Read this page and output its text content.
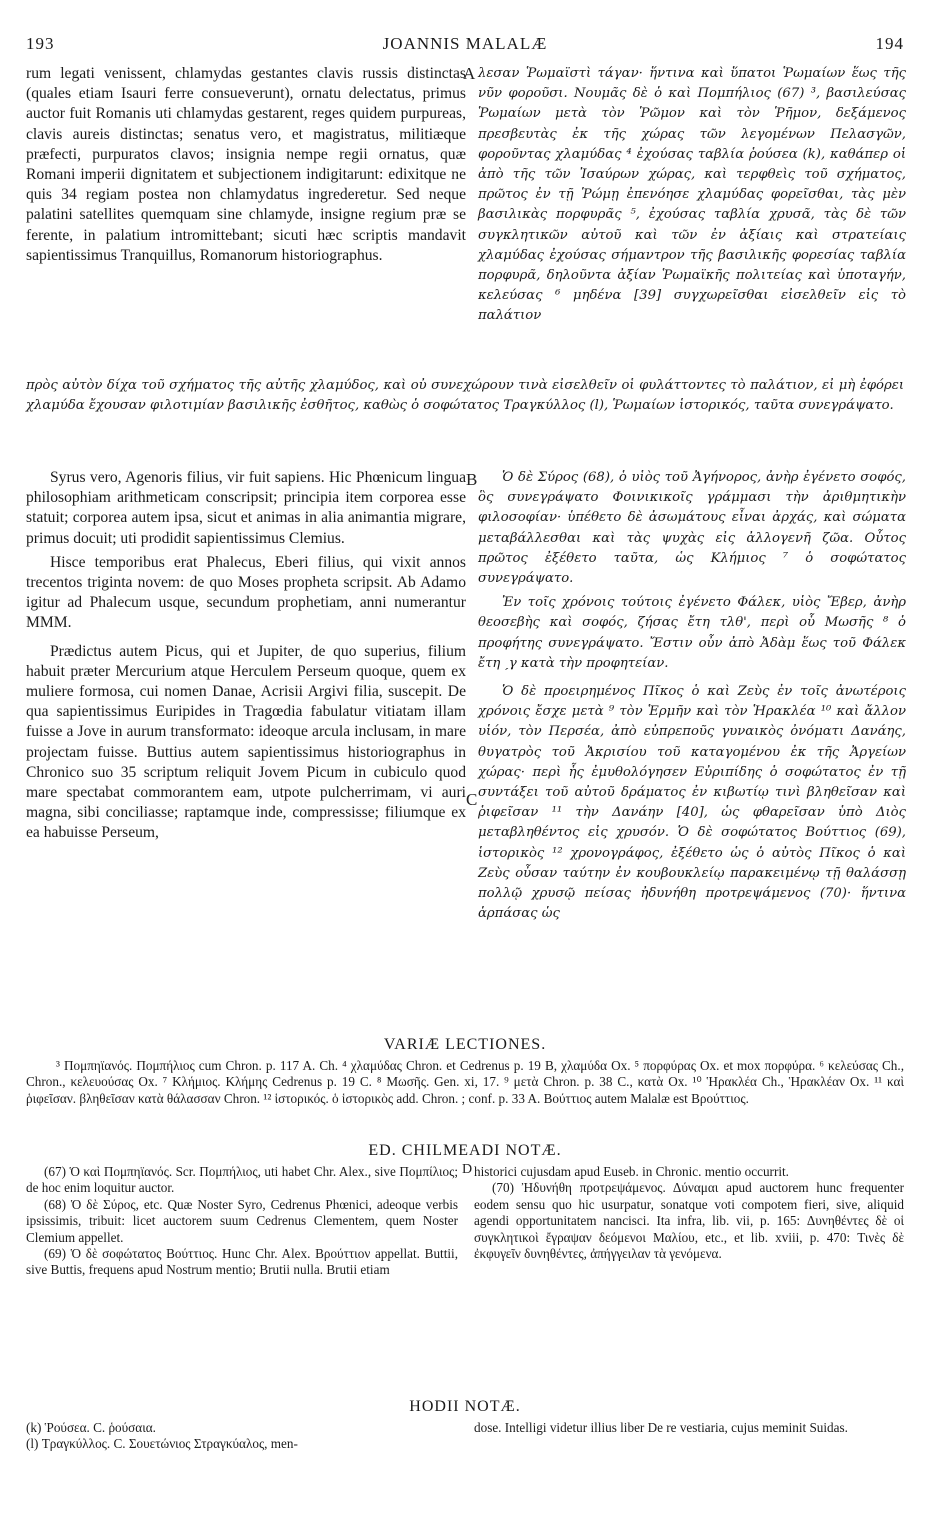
193	JOANNIS MALALÆ	194

rum legati venissent, chlamydas gestantes clavis russis distinctas (quales etiam Isauri ferre consueverunt), ornatu delectatus, primus auctor fuit Romanis uti chlamydas gestarent, reges quidem purpureas, clavis aureis distinctas; senatus vero, et magistratus, militiæque præfecti, purpuratos clavos; insignia nempe regii ornatus, quæ Romani imperii dignitatem et subjectionem indigitarunt: edixitque ne quis 34 regiam postea non chlamydatus ingrederetur. Sed neque palatini satellites quemquam sine chlamyde, insigne regium præ se ferente, in palatium intromittebant; sicuti hæc scriptis mandavit sapientissimus Tranquillus, Romanorum historiographus.

A λεσαν Ῥωμαϊστὶ τάγαν· ἥντινα καὶ ὕπατοι Ῥωμαίων ἕως τῆς νῦν φοροῦσι. Νουμᾶς δὲ ὁ καὶ Πομπήλιος (67) ³, βασιλεύσας Ῥωμαίων μετὰ τὸν Ῥῶμον καὶ τὸν Ῥῆμον, δεξάμενος πρεσβευτὰς ἐκ τῆς χώρας τῶν λεγομένων Πελασγῶν, φοροῦντας χλαμύδας ⁴ ἐχούσας ταβλία ῥούσεα (k), καθάπερ οἱ ἀπὸ τῆς τῶν Ἰσαύρων χώρας, καὶ τερφθεὶς τοῦ σχήματος, πρῶτος ἐν τῇ Ῥώμῃ ἐπενόησε χλαμύδας φορεῖσθαι, τὰς μὲν βασιλικὰς πορφυρᾶς ⁵, ἐχούσας ταβλία χρυσᾶ, τὰς δὲ τῶν συγκλητικῶν αὐτοῦ καὶ τῶν ἐν ἀξίαις καὶ στρατείαις χλαμύδας ἐχούσας σήμαντρον τῆς βασιλικῆς φορεσίας ταβλία πορφυρᾶ, δηλοῦντα ἀξίαν Ῥωμαϊκῆς πολιτείας καὶ ὑποταγήν, κελεύσας ⁶ μηδένα [39] συγχωρεῖσθαι εἰσελθεῖν εἰς τὸ παλάτιον

πρὸς αὐτὸν δίχα τοῦ σχήματος τῆς αὐτῆς χλαμύδος, καὶ οὐ συνεχώρουν τινὰ εἰσελθεῖν οἱ φυλάττοντες τὸ παλάτιον, εἰ μὴ ἐφόρει χλαμύδα ἔχουσαν φιλοτιμίαν βασιλικῆς ἐσθῆτος, καθὼς ὁ σοφώτατος Τραγκύλλος (l), Ῥωμαίων ἱστορικός, ταῦτα συνεγράψατο.

Syrus vero, Agenoris filius, vir fuit sapiens. Hic Phœnicum lingua philosophiam arithmeticam conscripsit; principia item corporea esse statuit; corporea autem ipsa, sicut et animas in alia animantia migrare, primus docuit; uti prodidit sapientissimus Clemius.

Hisce temporibus erat Phalecus, Eberi filius, qui vixit annos trecentos triginta novem: de quo Moses propheta scripsit. Ab Adamo igitur ad Phalecum usque, secundum prophetiam, anni numerantur MMM.

Prædictus autem Picus, qui et Jupiter, de quo superius, filium habuit præter Mercurium atque Herculem Perseum quoque, quem ex muliere formosa, cui nomen Danae, Acrisii Argivi filia, suscepit. De qua sapientissimus Euripides in Tragœdia fabulatur vitiatam illam fuisse a Jove in aurum transformato: ideoque arcula inclusam, in mare projectam fuisse. Buttius autem sapientissimus historiographus in Chronico suo 35 scriptum reliquit Jovem Picum in cubiculo quod mare spectabat commorantem eam, utpote pulcherrimam, vi auri magna, sibi conciliasse; raptamque inde, compressisse; filiumque ex ea habuisse Perseum,

B
C

Ὁ δὲ Σύρος (68), ὁ υἱὸς τοῦ Ἀγήνορος, ἀνὴρ ἐγένετο σοφός, ὃς συνεγράψατο Φοινικικοῖς γράμμασι τὴν ἀριθμητικὴν φιλοσοφίαν· ὑπέθετο δὲ ἀσωμάτους εἶναι ἀρχάς, καὶ σώματα μεταβάλλεσθαι καὶ τὰς ψυχὰς εἰς ἀλλογενῆ ζῶα. Οὗτος πρῶτος ἐξέθετο ταῦτα, ὡς Κλήμιος ⁷ ὁ σοφώτατος συνεγράψατο.

Ἐν τοῖς χρόνοις τούτοις ἐγένετο Φάλεκ, υἱὸς Ἔβερ, ἀνὴρ θεοσεβὴς καὶ σοφός, ζήσας ἔτη τλθ', περὶ οὗ Μωσῆς ⁸ ὁ προφήτης συνεγράψατο. Ἔστιν οὖν ἀπὸ Ἀδὰμ ἕως τοῦ Φάλεκ ἔτη ˏγ κατὰ τὴν προφητείαν.

Ὁ δὲ προειρημένος Πῖκος ὁ καὶ Ζεὺς ἐν τοῖς ἀνωτέροις χρόνοις ἔσχε μετὰ ⁹ τὸν Ἑρμῆν καὶ τὸν Ἡρακλέα ¹⁰ καὶ ἄλλον υἱόν, τὸν Περσέα, ἀπὸ εὐπρεποῦς γυναικὸς ὀνόματι Δανάης, θυγατρὸς τοῦ Ἀκρισίου τοῦ καταγομένου ἐκ τῆς Ἀργείων χώρας· περὶ ἧς ἐμυθολόγησεν Εὐριπίδης ὁ σοφώτατος ἐν τῇ συντάξει τοῦ αὐτοῦ δράματος ἐν κιβωτίῳ τινὶ βληθεῖσαν καὶ ῥιφεῖσαν ¹¹ τὴν Δανάην [40], ὡς φθαρεῖσαν ὑπὸ Διὸς μεταβληθέντος εἰς χρυσόν. Ὁ δὲ σοφώτατος Βούττιος (69), ἱστορικὸς ¹² χρονογράφος, ἐξέθετο ὡς ὁ αὐτὸς Πῖκος ὁ καὶ Ζεὺς οὖσαν ταύτην ἐν κουβουκλείῳ παρακειμένῳ τῇ θαλάσσῃ πολλῷ χρυσῷ πείσας ἠδυνήθη προτρεψάμενος (70)· ἥντινα ἁρπάσας ὡς

VARIÆ LECTIONES.

³ Πομπηϊανός. Πομπήλιος cum Chron. p. 117 A. Ch. ⁴ χλαμύδας Chron. et Cedrenus p. 19 B, χλαμύδα Ox. ⁵ πορφύρας Ox. et mox πορφύρα. ⁶ κελεύσας Ch., Chron., κελευούσας Ox. ⁷ Κλήμιος. Κλήμης Cedrenus p. 19 C. ⁸ Μωσῆς. Gen. xi, 17. ⁹ μετὰ Chron. p. 38 C., κατὰ Ox. ¹⁰ Ἡρακλέα Ch., Ἡρακλέαν Ox. ¹¹ καὶ ῥιφεῖσαν. βληθεῖσαν κατὰ θάλασσαν Chron. ¹² ἱστορικός. ὁ ἱστορικὸς add. Chron. ; conf. p. 33 A. Βούττιος autem Malalæ est Βρούττιος.

ED. CHILMEADI NOTÆ.

(67) Ὁ καὶ Πομπηϊανός. Scr. Πομπήλιος, uti habet Chr. Alex., sive Πομπίλιος; de hoc enim loquitur auctor.

(68) Ὁ δὲ Σύρος, etc. Quæ Noster Syro, Cedrenus Phœnici, adeoque verbis ipsissimis, tribuit: licet auctorem suum Cedrenus Clementem, quem Noster Clemium appellet.

(69) Ὁ δὲ σοφώτατος Βούττιος. Hunc Chr. Alex. Βρούττιον appellat. Buttii, sive Buttis, frequens apud Nostrum mentio; Brutii nulla. Brutii etiam

D historici cujusdam apud Euseb. in Chronic. mentio occurrit.

(70) Ἠδυνήθη προτρεψάμενος. Δύναμαι apud auctorem hunc frequenter eodem sensu quo hic usurpatur, sonatque voti compotem fieri, sive, aliquid agendi opportunitatem nancisci. Ita infra, lib. vii, p. 165: Δυνηθέντες δὲ οἱ συγκλητικοὶ ἔγραψαν δεόμενοι Μαλίου, etc., et lib. xviii, p. 470: Τινὲς δὲ ἐκφυγεῖν δυνηθέντες, ἀπήγγειλαν τὰ γενόμενα.

HODII NOTÆ.

(k) Ῥούσεα. C. ῥούσαια.

(l) Τραγκύλλος. C. Σουετώνιος Στραγκύαλος, men-

dose. Intelligi videtur illius liber De re vestiaria, cujus meminit Suidas.
